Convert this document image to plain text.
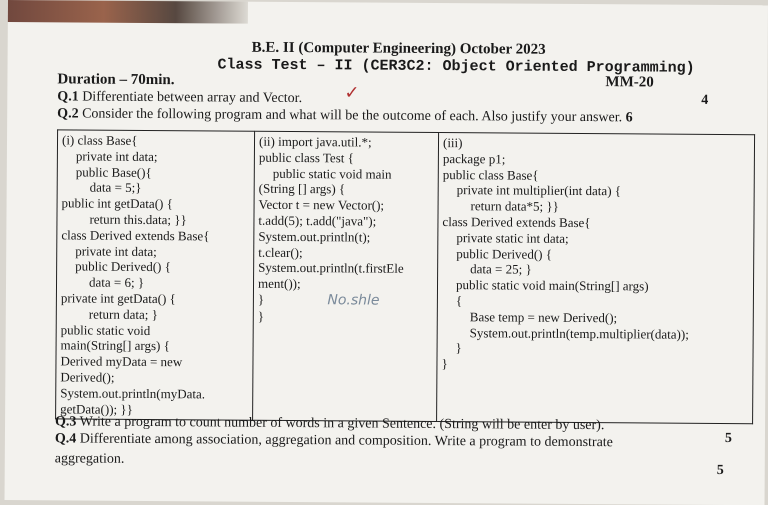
B.E. II (Computer Engineering) October 2023
Class Test – II (CER3C2: Object Oriented Programming)
Duration – 70min.	MM-20
Q.1 Differentiate between array and Vector. ✓	4
Q.2 Consider the following program and what will be the outcome of each. Also justify your answer. 6
(i) class Base{
private int data;
public Base(){
data = 5;}
public int getData() {
return this.data; }}
class Derived extends Base{
private int data;
public Derived() {
data = 6; }
private int getData() {
return data; }
public static void
main(String[] args) {
Derived myData = new
Derived();
System.out.println(myData.
getData()); }}

(ii) import java.util.*;
public class Test {
public static void main
(String [] args) {
Vector t = new Vector();
t.add(5); t.add("java");
System.out.println(t);
t.clear();
System.out.println(t.firstEle
ment());
}	No.shle
}

(iii)
package p1;
public class Base{
private int multiplier(int data) {
return data*5; }}
class Derived extends Base{
private static int data;
public Derived() {
data = 25; }
public static void main(String[] args)
{
Base temp = new Derived();
System.out.println(temp.multiplier(data));
}
}
Q.3 Write a program to count number of words in a given Sentence. (String will be enter by user).
5
Q.4 Differentiate among association, aggregation and composition. Write a program to demonstrate
aggregation.
5
